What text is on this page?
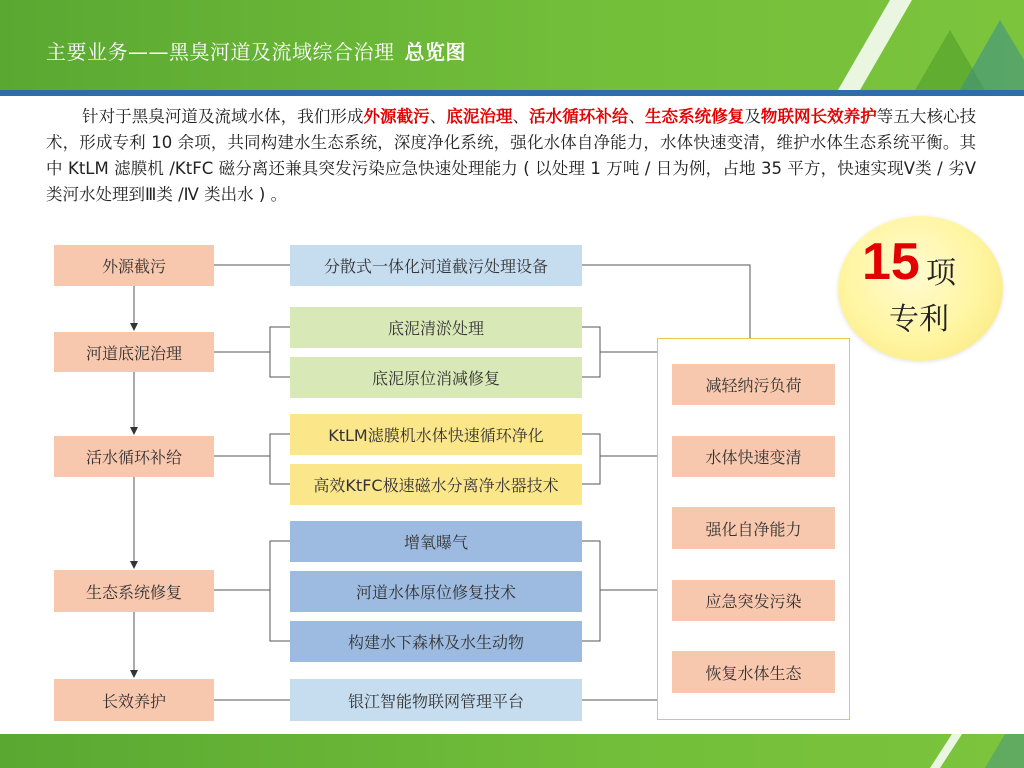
主要业务——黑臭河道及流域综合治理 总览图
针对于黑臭河道及流域水体，我们形成外源截污、底泥治理、活水循环补给、生态系统修复及物联网长效养护等五大核心技术，形成专利 10 余项，共同构建水生态系统，深度净化系统，强化水体自净能力，水体快速变清，维护水体生态系统平衡。其中 KtLM 滤膜机 /KtFC 磁分离还兼具突发污染应急快速处理能力 ( 以处理 1 万吨 / 日为例，占地 35 平方，快速实现Ⅴ类 / 劣Ⅴ类河水处理到Ⅲ类 /Ⅳ 类出水 ) 。
15 项
专利
外源截污
河道底泥治理
活水循环补给
生态系统修复
长效养护
分散式一体化河道截污处理设备
底泥清淤处理
底泥原位消减修复
KtLM滤膜机水体快速循环净化
高效KtFC极速磁水分离净水器技术
增氧曝气
河道水体原位修复技术
构建水下森林及水生动物
银江智能物联网管理平台
减轻纳污负荷
水体快速变清
强化自净能力
应急突发污染
恢复水体生态
